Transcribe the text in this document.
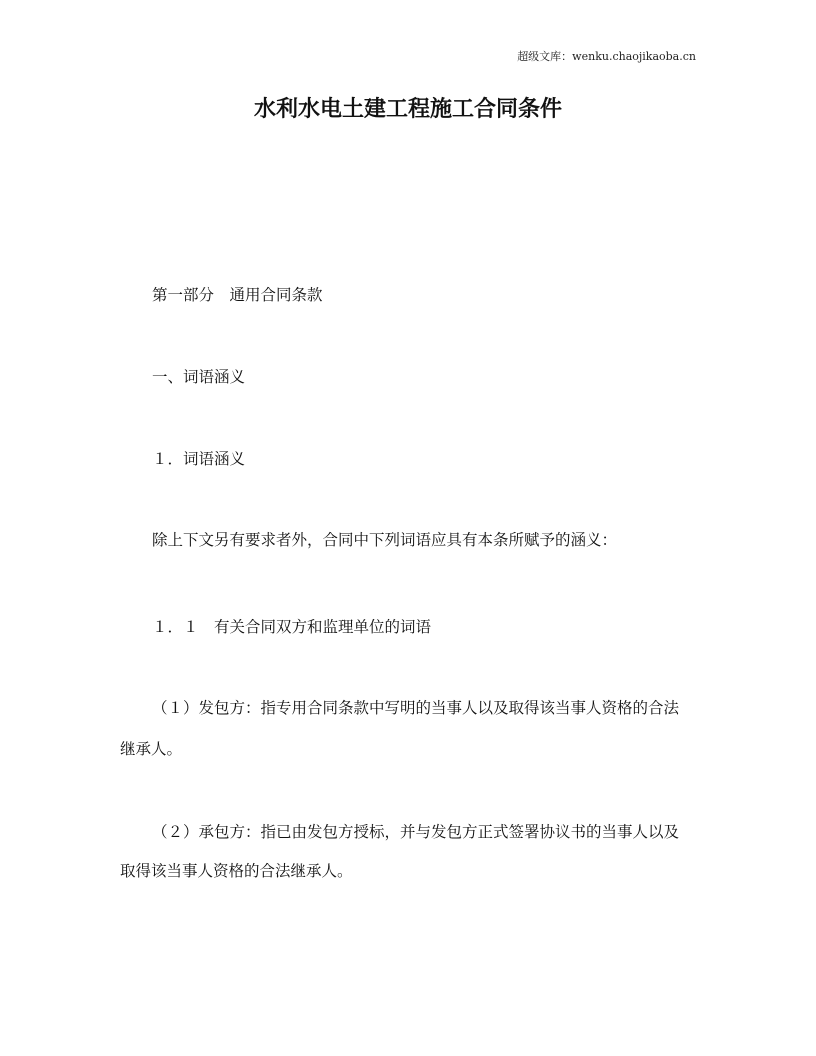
超级文库：wenku.chaojikaoba.cn
水利水电土建工程施工合同条件
第一部分　通用合同条款
一、词语涵义
１．词语涵义
除上下文另有要求者外，合同中下列词语应具有本条所赋予的涵义：
１．１　有关合同双方和监理单位的词语
（１）发包方：指专用合同条款中写明的当事人以及取得该当事人资格的合法
继承人。
（２）承包方：指已由发包方授标，并与发包方正式签署协议书的当事人以及
取得该当事人资格的合法继承人。
